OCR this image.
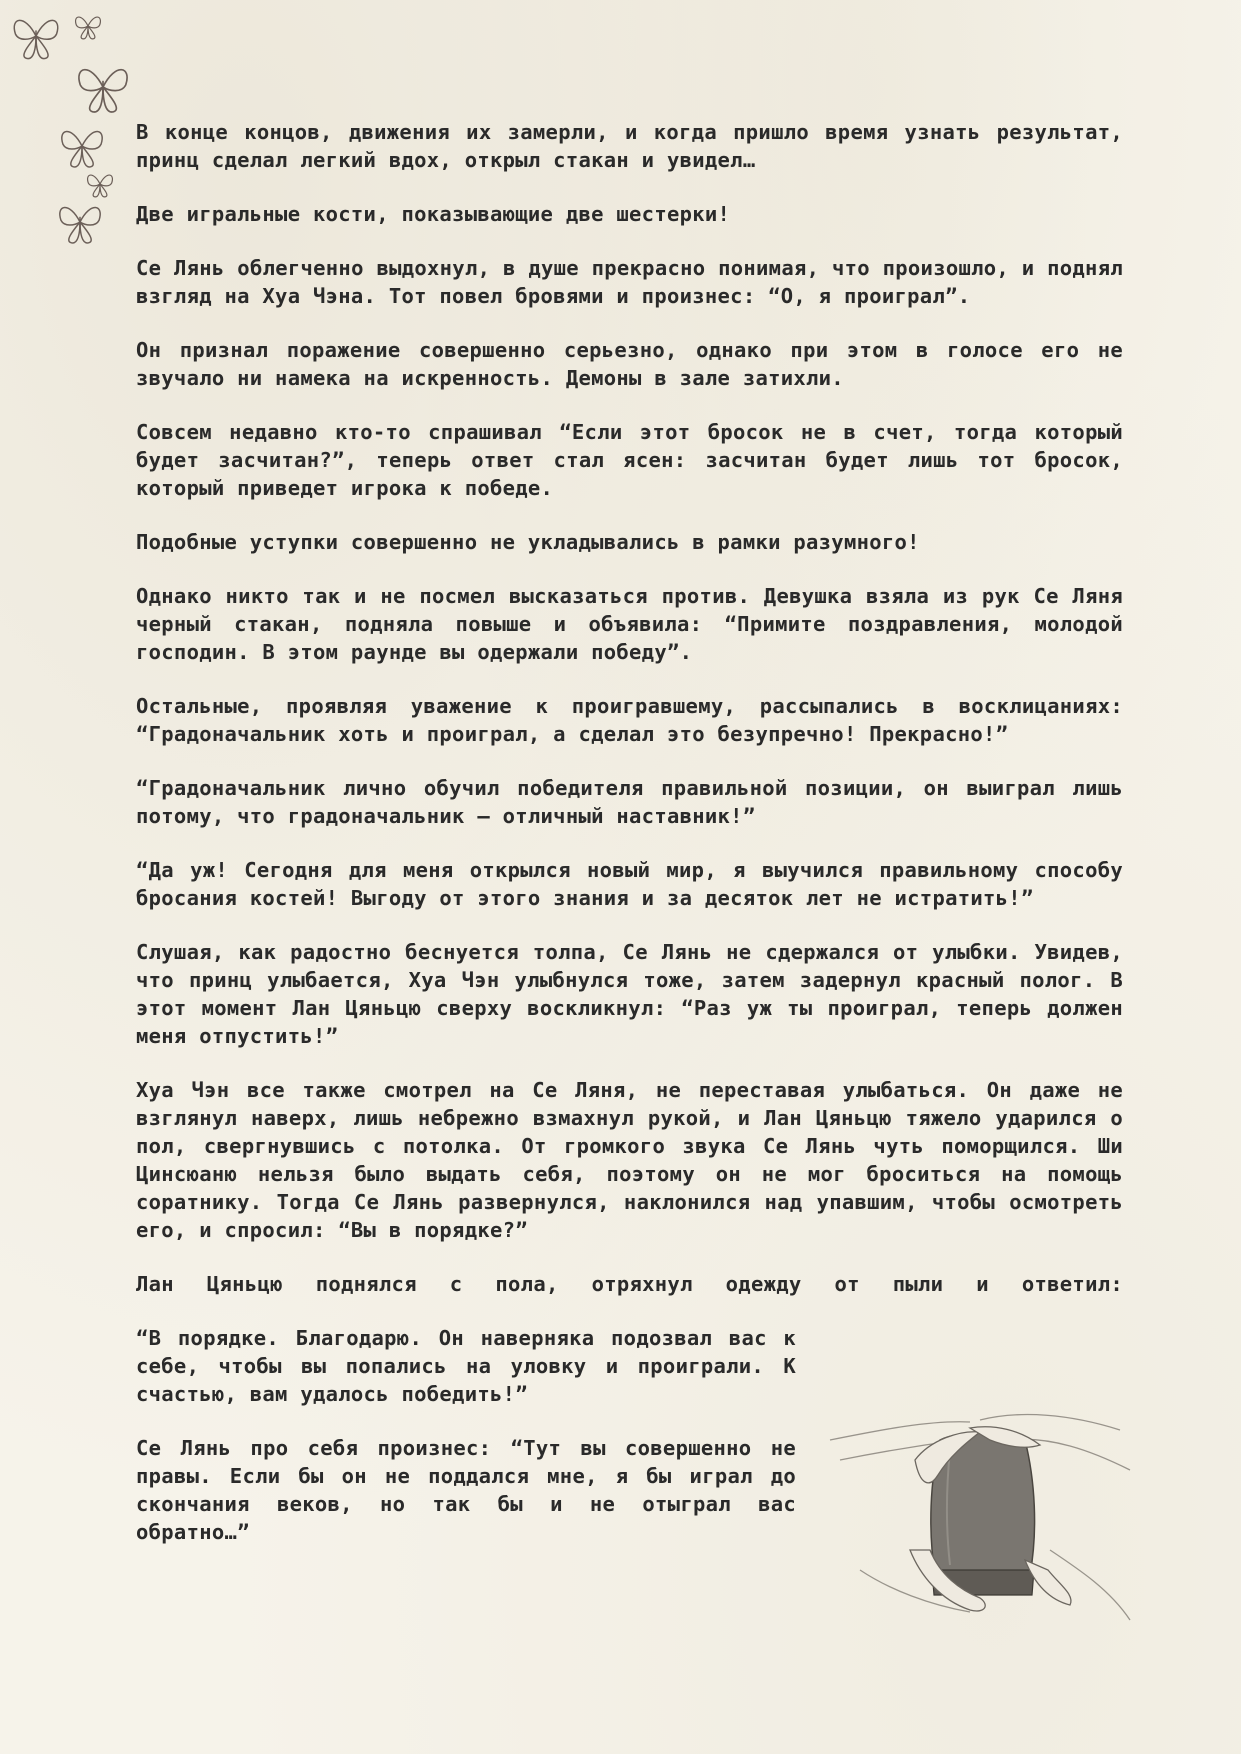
В конце концов, движения их замерли, и когда пришло время узнать результат, принц сделал легкий вдох, открыл стакан и увидел…

Две игральные кости, показывающие две шестерки!

Се Лянь облегченно выдохнул, в душе прекрасно понимая, что произошло, и поднял взгляд на Хуа Чэна. Тот повел бровями и произнес: “О, я проиграл”.

Он признал поражение совершенно серьезно, однако при этом в голосе его не звучало ни намека на искренность. Демоны в зале затихли.

Совсем недавно кто-то спрашивал “Если этот бросок не в счет, тогда который будет засчитан?”, теперь ответ стал ясен: засчитан будет лишь тот бросок, который приведет игрока к победе.

Подобные уступки совершенно не укладывались в рамки разумного!

Однако никто так и не посмел высказаться против. Девушка взяла из рук Се Ляня черный стакан, подняла повыше и объявила: “Примите поздравления, молодой господин. В этом раунде вы одержали победу”.

Остальные, проявляя уважение к проигравшему, рассыпались в восклицаниях: “Градоначальник хоть и проиграл, а сделал это безупречно! Прекрасно!”

“Градоначальник лично обучил победителя правильной позиции, он выиграл лишь потому, что градоначальник — отличный наставник!”

“Да уж! Сегодня для меня открылся новый мир, я выучился правильному способу бросания костей! Выгоду от этого знания и за десяток лет не истратить!”

Слушая, как радостно беснуется толпа, Се Лянь не сдержался от улыбки. Увидев, что принц улыбается, Хуа Чэн улыбнулся тоже, затем задернул красный полог. В этот момент Лан Цяньцю сверху воскликнул: “Раз уж ты проиграл, теперь должен меня отпустить!”

Хуа Чэн все также смотрел на Се Ляня, не переставая улыбаться. Он даже не взглянул наверх, лишь небрежно взмахнул рукой, и Лан Цяньцю тяжело ударился о пол, свергнувшись с потолка. От громкого звука Се Лянь чуть поморщился. Ши Цинсюаню нельзя было выдать себя, поэтому он не мог броситься на помощь соратнику. Тогда Се Лянь развернулся, наклонился над упавшим, чтобы осмотреть его, и спросил: “Вы в порядке?”

Лан Цяньцю поднялся с пола, отряхнул одежду от пыли и ответил:

“В порядке. Благодарю. Он наверняка подозвал вас к себе, чтобы вы попались на уловку и проиграли. К счастью, вам удалось победить!”

Се Лянь про себя произнес: “Тут вы совершенно не правы. Если бы он не поддался мне, я бы играл до скончания веков, но так бы и не отыграл вас обратно…”
